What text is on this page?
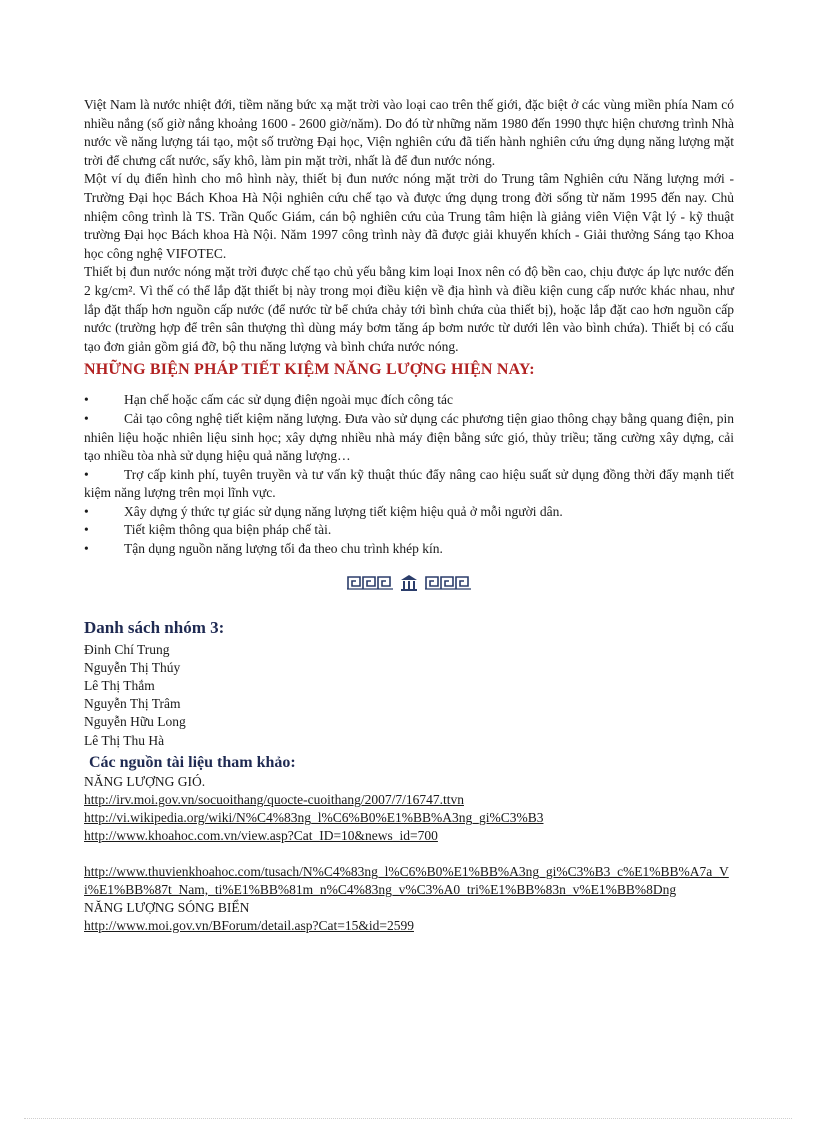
Việt Nam là nước nhiệt đới, tiềm năng bức xạ mặt trời vào loại cao trên thế giới, đặc biệt ở các vùng miền phía Nam có nhiều nắng (số giờ nắng khoảng 1600 - 2600 giờ/năm). Do đó từ những năm 1980 đến 1990 thực hiện chương trình Nhà nước về năng lượng tái tạo, một số trường Đại học, Viện nghiên cứu đã tiến hành nghiên cứu ứng dụng năng lượng mặt trời để chưng cất nước, sấy khô, làm pin mặt trời, nhất là để đun nước nóng.

Một ví dụ điển hình cho mô hình này, thiết bị đun nước nóng mặt trời do Trung tâm Nghiên cứu Năng lượng mới - Trường Đại học Bách Khoa Hà Nội nghiên cứu chế tạo và được ứng dụng trong đời sống từ năm 1995 đến nay. Chủ nhiệm công trình là TS. Trần Quốc Giám, cán bộ nghiên cứu của Trung tâm hiện là giảng viên Viện Vật lý - kỹ thuật trường Đại học Bách khoa Hà Nội. Năm 1997 công trình này đã được giải khuyến khích - Giải thưởng Sáng tạo Khoa học công nghệ VIFOTEC.

Thiết bị đun nước nóng mặt trời được chế tạo chủ yếu bằng kim loại Inox nên có độ bền cao, chịu được áp lực nước đến 2 kg/cm². Vì thế có thể lắp đặt thiết bị này trong mọi điều kiện về địa hình và điều kiện cung cấp nước khác nhau, như lắp đặt thấp hơn nguồn cấp nước (để nước từ bể chứa chảy tới bình chứa của thiết bị), hoặc lắp đặt cao hơn nguồn cấp nước (trường hợp để trên sân thượng thì dùng máy bơm tăng áp bơm nước từ dưới lên vào bình chứa). Thiết bị có cấu tạo đơn giản gồm giá đỡ, bộ thu năng lượng và bình chứa nước nóng.

NHỮNG BIỆN PHÁP TIẾT KIỆM NĂNG LƯỢNG HIỆN NAY:
•	Hạn chế hoặc cấm các sử dụng điện ngoài mục đích công tác
•	Cải tạo công nghệ tiết kiệm năng lượng. Đưa vào sử dụng các phương tiện giao thông chạy bằng quang điện, pin nhiên liệu hoặc nhiên liệu sinh học; xây dựng nhiều nhà máy điện bằng sức gió, thủy triều; tăng cường xây dựng, cải tạo nhiều tòa nhà sử dụng hiệu quả năng lượng…
•	Trợ cấp kinh phí, tuyên truyền và tư vấn kỹ thuật thúc đẩy nâng cao hiệu suất sử dụng đồng thời đẩy mạnh tiết kiệm năng lượng trên mọi lĩnh vực.
•	Xây dựng ý thức tự giác sử dụng năng lượng tiết kiệm hiệu quả ở mỗi người dân.
•	Tiết kiệm thông qua biện pháp chế tài.
•	Tận dụng nguồn năng lượng tối đa theo chu trình khép kín.
Danh sách nhóm 3:

Đinh Chí Trung

Nguyễn Thị Thúy

Lê Thị Thắm

Nguyễn Thị Trâm

Nguyễn Hữu Long

Lê Thị Thu Hà

Các nguồn tài liệu tham khảo:

NĂNG LƯỢNG GIÓ.

http://irv.moi.gov.vn/socuoithang/quocte-cuoithang/2007/7/16747.ttvn
http://vi.wikipedia.org/wiki/N%C4%83ng_l%C6%B0%E1%BB%A3ng_gi%C3%B3
http://www.khoahoc.com.vn/view.asp?Cat_ID=10&news_id=700
http://www.thuvienkhoahoc.com/tusach/N%C4%83ng_l%C6%B0%E1%BB%A3ng_gi%C3%B3_c%E1%BB%A7a_Vi%E1%BB%87t_Nam,_ti%E1%BB%81m_n%C4%83ng_v%C3%A0_tri%E1%BB%83n_v%E1%BB%8Dng

NĂNG LƯỢNG SÓNG BIỂN

http://www.moi.gov.vn/BForum/detail.asp?Cat=15&id=2599
